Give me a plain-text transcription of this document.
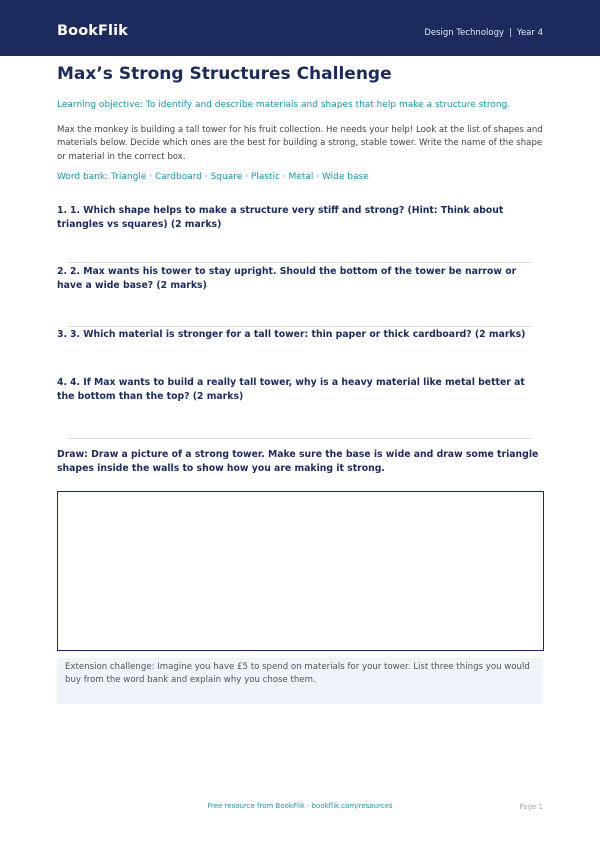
BookFlik	Design Technology | Year 4
Max’s Strong Structures Challenge

Learning objective: To identify and describe materials and shapes that help make a structure strong.

Max the monkey is building a tall tower for his fruit collection. He needs your help! Look at the list of shapes and materials below. Decide which ones are the best for building a strong, stable tower. Write the name of the shape or material in the correct box.

Word bank: Triangle · Cardboard · Square · Plastic · Metal · Wide base

1. 1. Which shape helps to make a structure very stiff and strong? (Hint: Think about triangles vs squares) (2 marks)
2. 2. Max wants his tower to stay upright. Should the bottom of the tower be narrow or have a wide base? (2 marks)
3. 3. Which material is stronger for a tall tower: thin paper or thick cardboard? (2 marks)
4. 4. If Max wants to build a really tall tower, why is a heavy material like metal better at the bottom than the top? (2 marks)
Draw: Draw a picture of a strong tower. Make sure the base is wide and draw some triangle shapes inside the walls to show how you are making it strong.
Extension challenge: Imagine you have £5 to spend on materials for your tower. List three things you would buy from the word bank and explain why you chose them.
Free resource from BookFlik · bookflik.com/resources	Page 1
